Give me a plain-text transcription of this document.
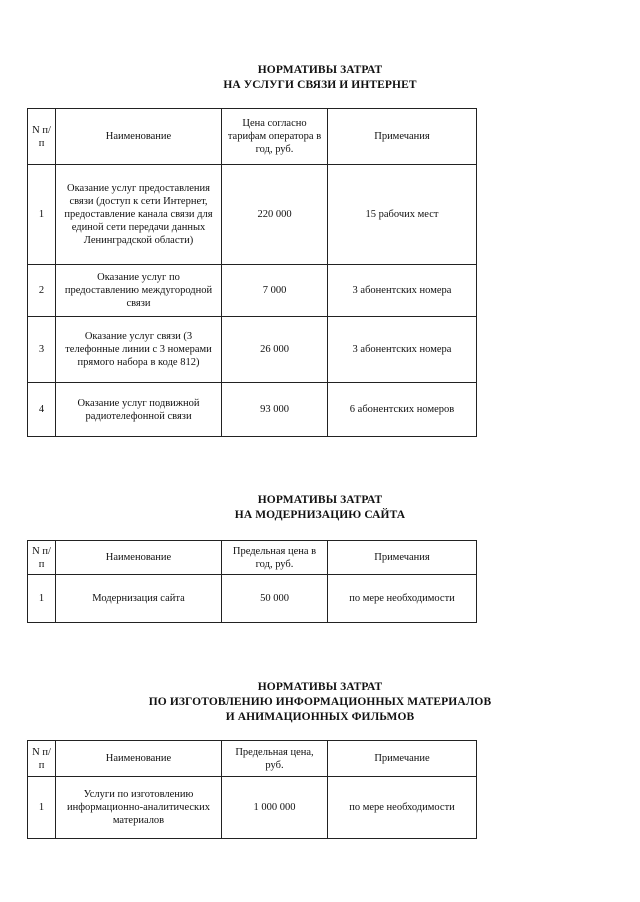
НОРМАТИВЫ ЗАТРАТ
НА УСЛУГИ СВЯЗИ И ИНТЕРНЕТ
N п/п	Наименование	Цена согласно тарифам оператора в год, руб.	Примечания
1	Оказание услуг предоставления связи (доступ к сети Интернет, предоставление канала связи для единой сети передачи данных Ленинградской области)	220 000	15 рабочих мест
2	Оказание услуг по предоставлению междугородной связи	7 000	3 абонентских номера
3	Оказание услуг связи (3 телефонные линии с 3 номерами прямого набора в коде 812)	26 000	3 абонентских номера
4	Оказание услуг подвижной радиотелефонной связи	93 000	6 абонентских номеров
НОРМАТИВЫ ЗАТРАТ
НА МОДЕРНИЗАЦИЮ САЙТА
N п/п	Наименование	Предельная цена в год, руб.	Примечания
1	Модернизация сайта	50 000	по мере необходимости
НОРМАТИВЫ ЗАТРАТ
ПО ИЗГОТОВЛЕНИЮ ИНФОРМАЦИОННЫХ МАТЕРИАЛОВ
И АНИМАЦИОННЫХ ФИЛЬМОВ
N п/п	Наименование	Предельная цена, руб.	Примечание
1	Услуги по изготовлению информационно-аналитических материалов	1 000 000	по мере необходимости
